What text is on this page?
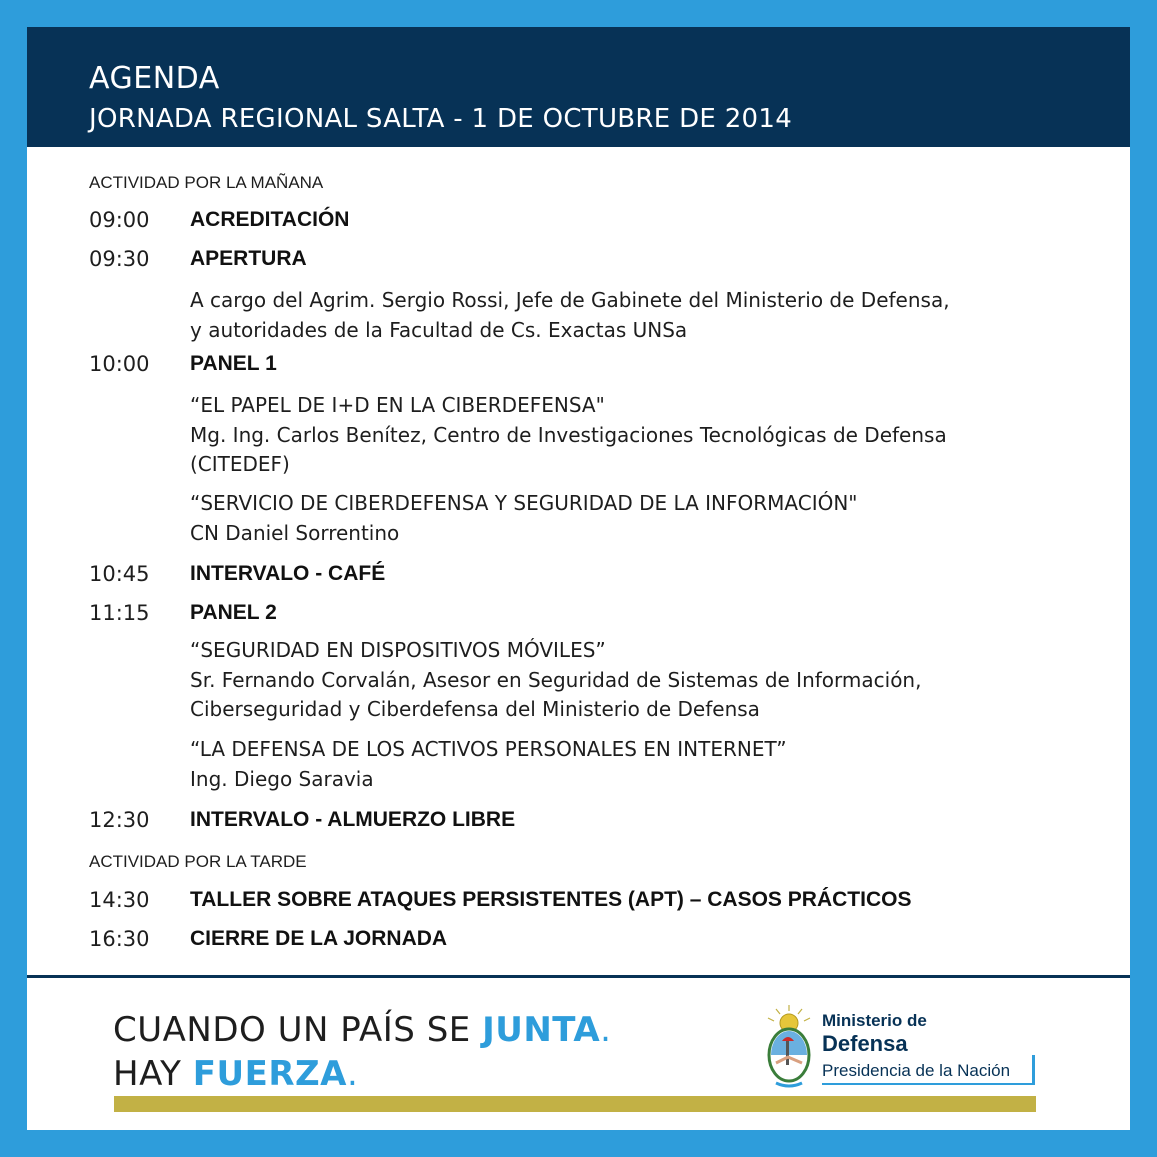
AGENDA
JORNADA REGIONAL SALTA - 1 DE OCTUBRE DE 2014
ACTIVIDAD POR LA MAÑANA
09:00 ACREDITACIÓN
09:30 APERTURA
A cargo del Agrim. Sergio Rossi, Jefe de Gabinete del Ministerio de Defensa,
y autoridades de la Facultad de Cs. Exactas UNSa
10:00 PANEL 1
“EL PAPEL DE I+D EN LA CIBERDEFENSA"
Mg. Ing. Carlos Benítez, Centro de Investigaciones Tecnológicas de Defensa
(CITEDEF)
“SERVICIO DE CIBERDEFENSA Y SEGURIDAD DE LA INFORMACIÓN"
CN Daniel Sorrentino
10:45 INTERVALO - CAFÉ
11:15 PANEL 2
“SEGURIDAD EN DISPOSITIVOS MÓVILES”
Sr. Fernando Corvalán, Asesor en Seguridad de Sistemas de Información,
Ciberseguridad y Ciberdefensa del Ministerio de Defensa
“LA DEFENSA DE LOS ACTIVOS PERSONALES EN INTERNET”
Ing. Diego Saravia
12:30 INTERVALO - ALMUERZO LIBRE
ACTIVIDAD POR LA TARDE
14:30 TALLER SOBRE ATAQUES PERSISTENTES (APT) – CASOS PRÁCTICOS
16:30 CIERRE DE LA JORNADA
CUANDO UN PAÍS SE JUNTA.
HAY FUERZA.
Ministerio de
Defensa
Presidencia de la Nación
